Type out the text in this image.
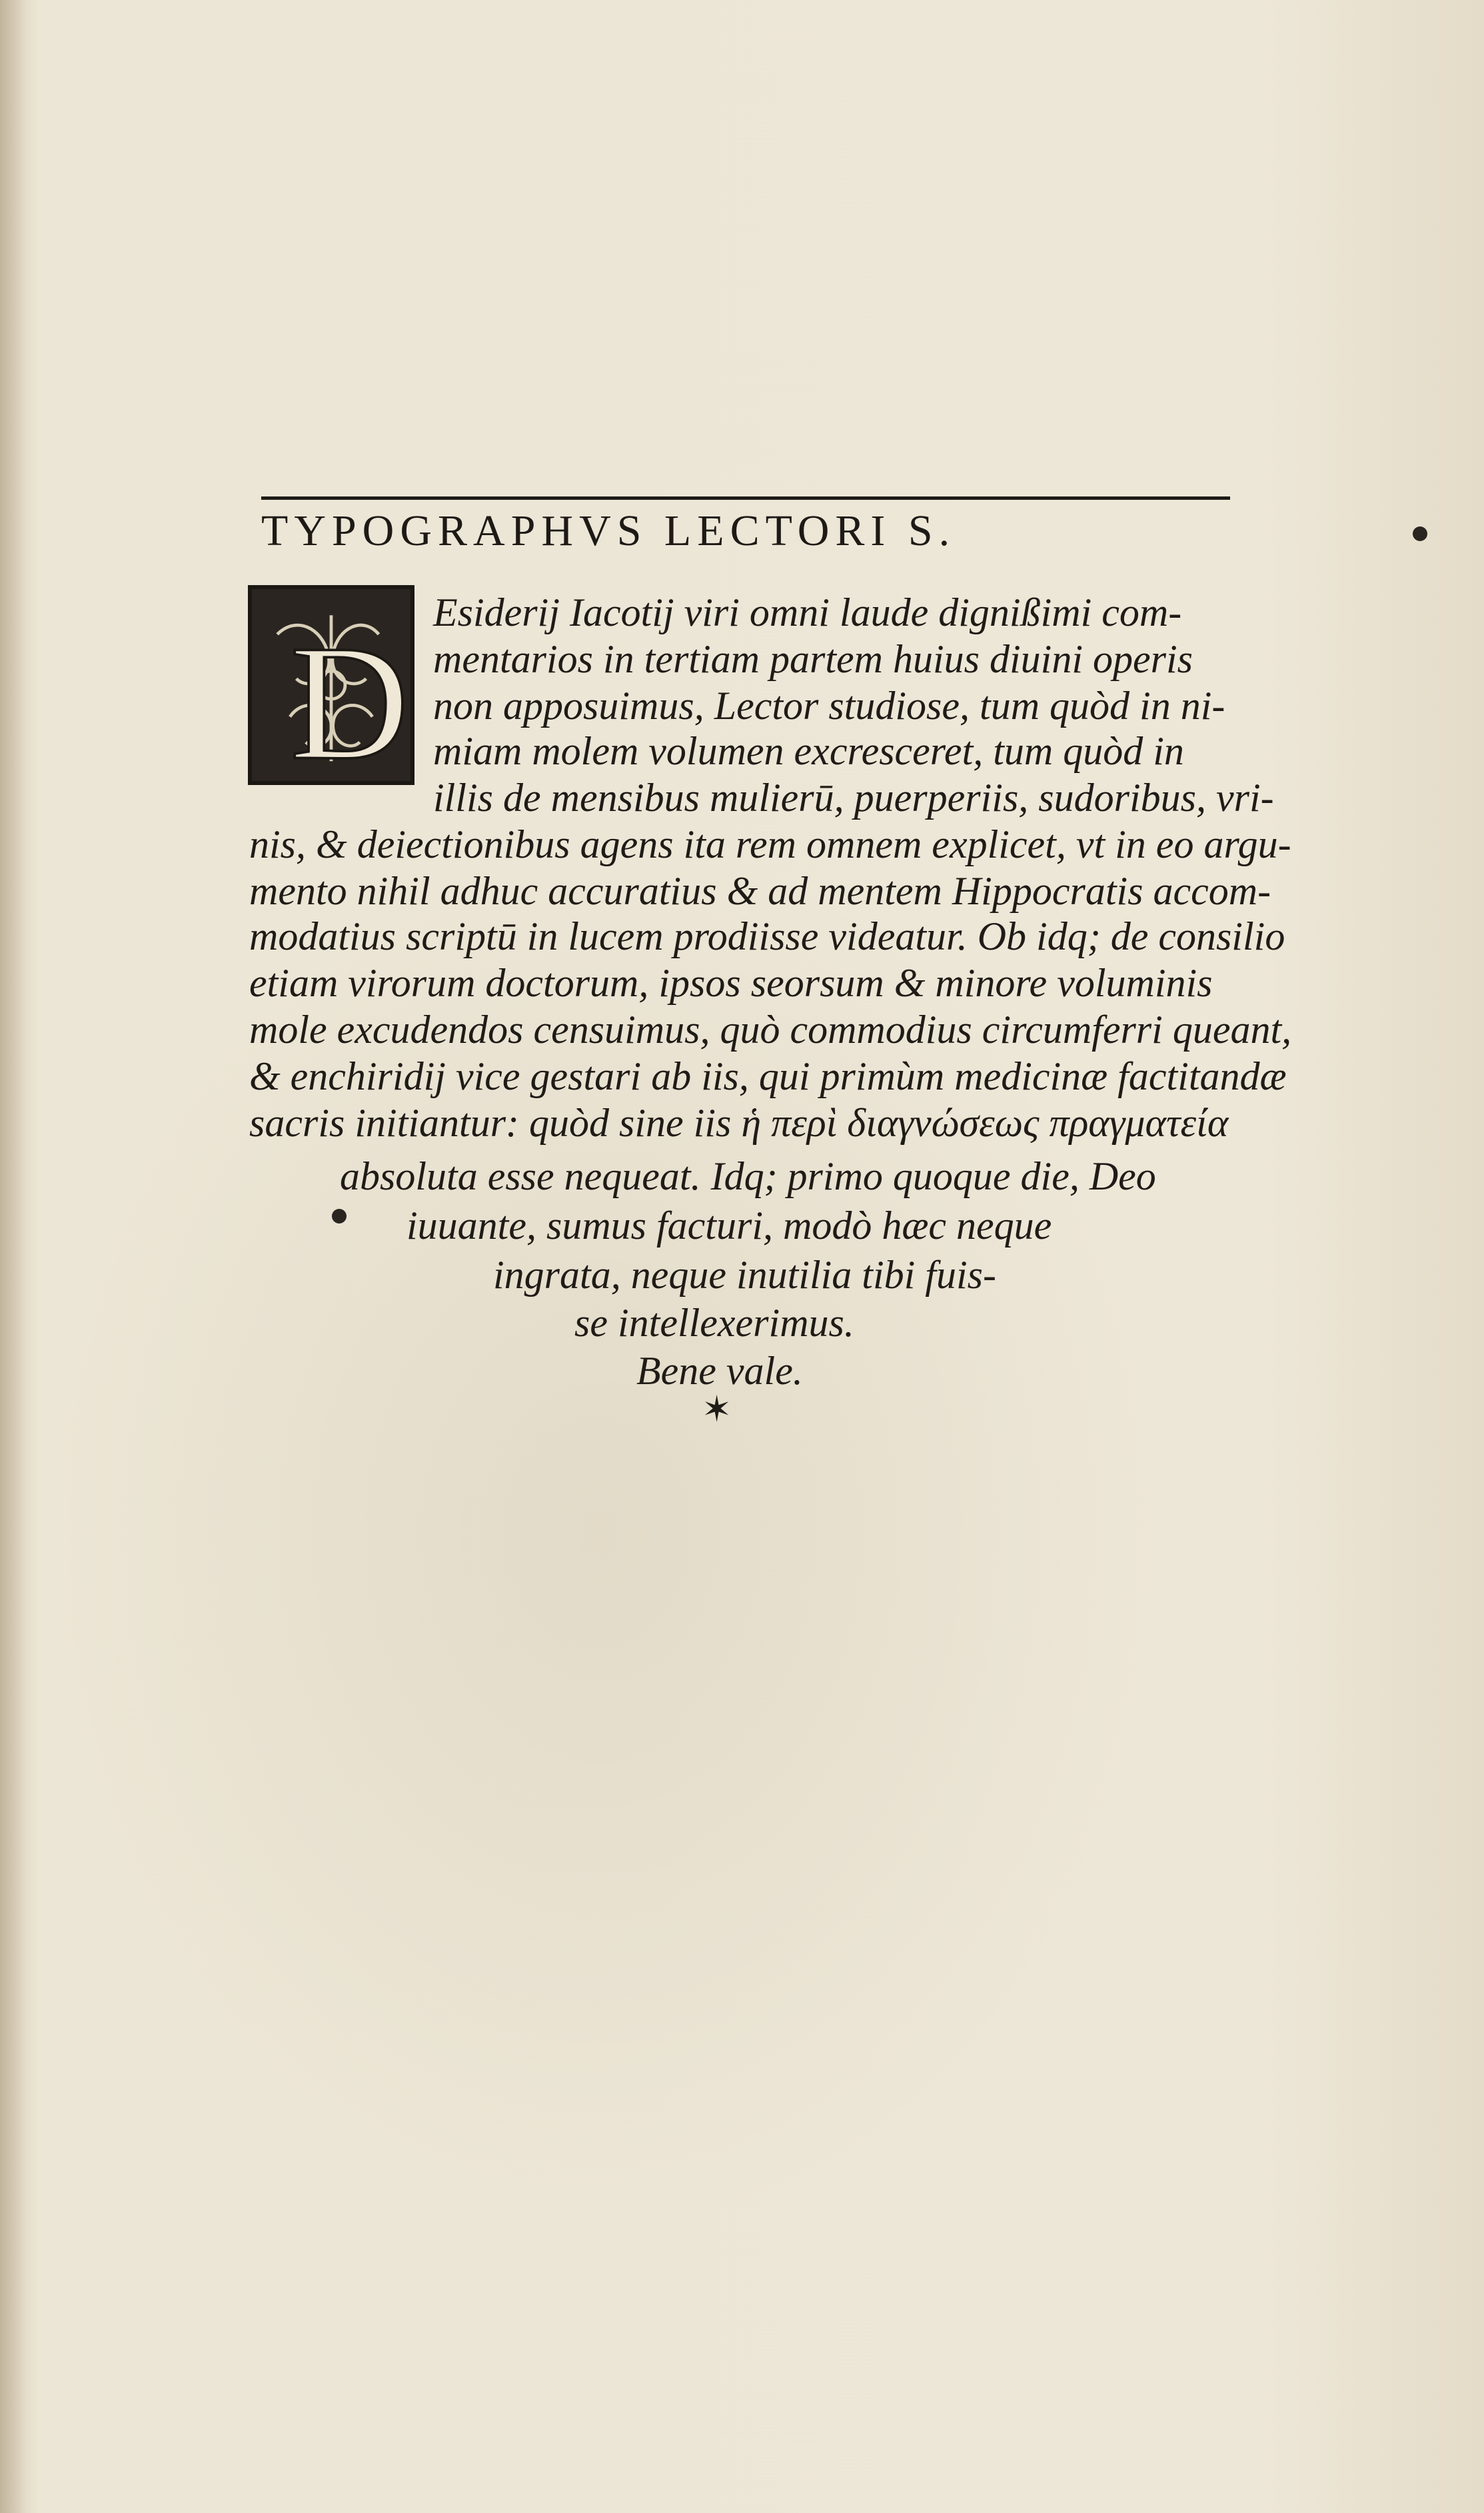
TYPOGRAPHVS LECTORI S.
D Esiderij Iacotij viri omni laude dignißimi com-
mentarios in tertiam partem huius diuini operis
non apposuimus, Lector studiose, tum quòd in ni-
miam molem volumen excresceret, tum quòd in
illis de mensibus mulierū, puerperiis, sudoribus, vri-
nis, & deiectionibus agens ita rem omnem explicet, vt in eo argu-
mento nihil adhuc accuratius & ad mentem Hippocratis accom-
modatius scriptū in lucem prodiisse videatur. Ob idq; de consilio
etiam virorum doctorum, ipsos seorsum & minore voluminis
mole excudendos censuimus, quò commodius circumferri queant,
& enchiridij vice gestari ab iis, qui primùm medicinæ factitandæ
sacris initiantur: quòd sine iis ἡ περὶ διαγνώσεως πραγματεία
absoluta esse nequeat. Idq; primo quoque die, Deo
iuuante, sumus facturi, modò hæc neque
ingrata, neque inutilia tibi fuis-
se intellexerimus.
Bene vale.
✶
